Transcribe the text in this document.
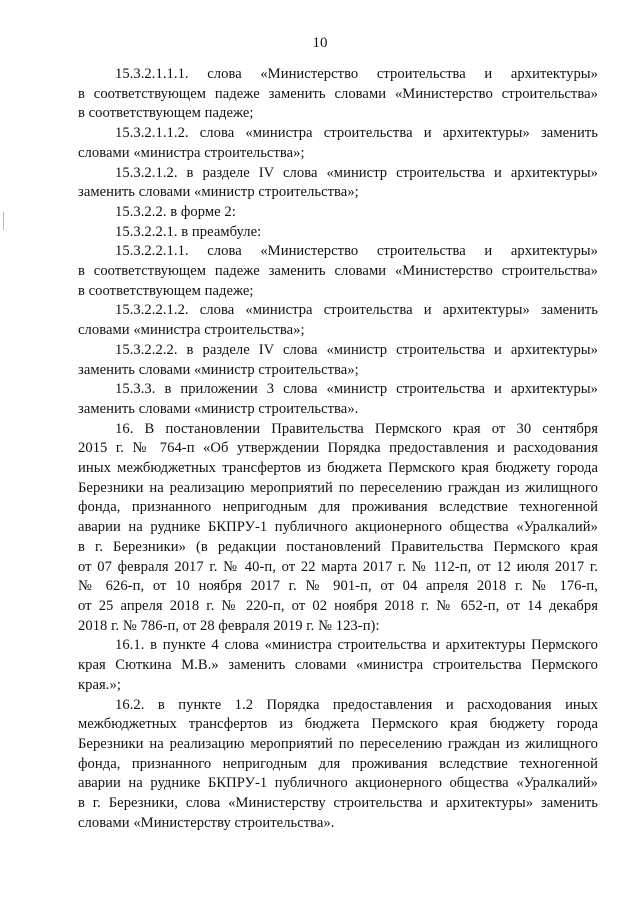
10

15.3.2.1.1.1. слова «Министерство строительства и архитектуры»
в соответствующем падеже заменить словами «Министерство строительства»
в соответствующем падеже;

15.3.2.1.1.2. слова «министра строительства и архитектуры» заменить
словами «министра строительства»;

15.3.2.1.2. в разделе IV слова «министр строительства и архитектуры»
заменить словами «министр строительства»;

15.3.2.2. в форме 2:

15.3.2.2.1. в преамбуле:

15.3.2.2.1.1. слова «Министерство строительства и архитектуры»
в соответствующем падеже заменить словами «Министерство строительства»
в соответствующем падеже;

15.3.2.2.1.2. слова «министра строительства и архитектуры» заменить
словами «министра строительства»;

15.3.2.2.2. в разделе IV слова «министр строительства и архитектуры»
заменить словами «министр строительства»;

15.3.3. в приложении 3 слова «министр строительства и архитектуры»
заменить словами «министр строительства».

16. В постановлении Правительства Пермского края от 30 сентября
2015 г. № 764-п «Об утверждении Порядка предоставления и расходования
иных межбюджетных трансфертов из бюджета Пермского края бюджету города
Березники на реализацию мероприятий по переселению граждан из жилищного
фонда, признанного непригодным для проживания вследствие техногенной
аварии на руднике БКПРУ-1 публичного акционерного общества «Уралкалий»
в г. Березники» (в редакции постановлений Правительства Пермского края
от 07 февраля 2017 г. № 40-п, от 22 марта 2017 г. № 112-п, от 12 июля 2017 г.
№ 626-п, от 10 ноября 2017 г. № 901-п, от 04 апреля 2018 г. № 176-п,
от 25 апреля 2018 г. № 220-п, от 02 ноября 2018 г. № 652-п, от 14 декабря
2018 г. № 786-п, от 28 февраля 2019 г. № 123-п):

16.1. в пункте 4 слова «министра строительства и архитектуры Пермского
края Сюткина М.В.» заменить словами «министра строительства Пермского
края.»;

16.2. в пункте 1.2 Порядка предоставления и расходования иных
межбюджетных трансфертов из бюджета Пермского края бюджету города
Березники на реализацию мероприятий по переселению граждан из жилищного
фонда, признанного непригодным для проживания вследствие техногенной
аварии на руднике БКПРУ-1 публичного акционерного общества «Уралкалий»
в г. Березники, слова «Министерству строительства и архитектуры» заменить
словами «Министерству строительства».
